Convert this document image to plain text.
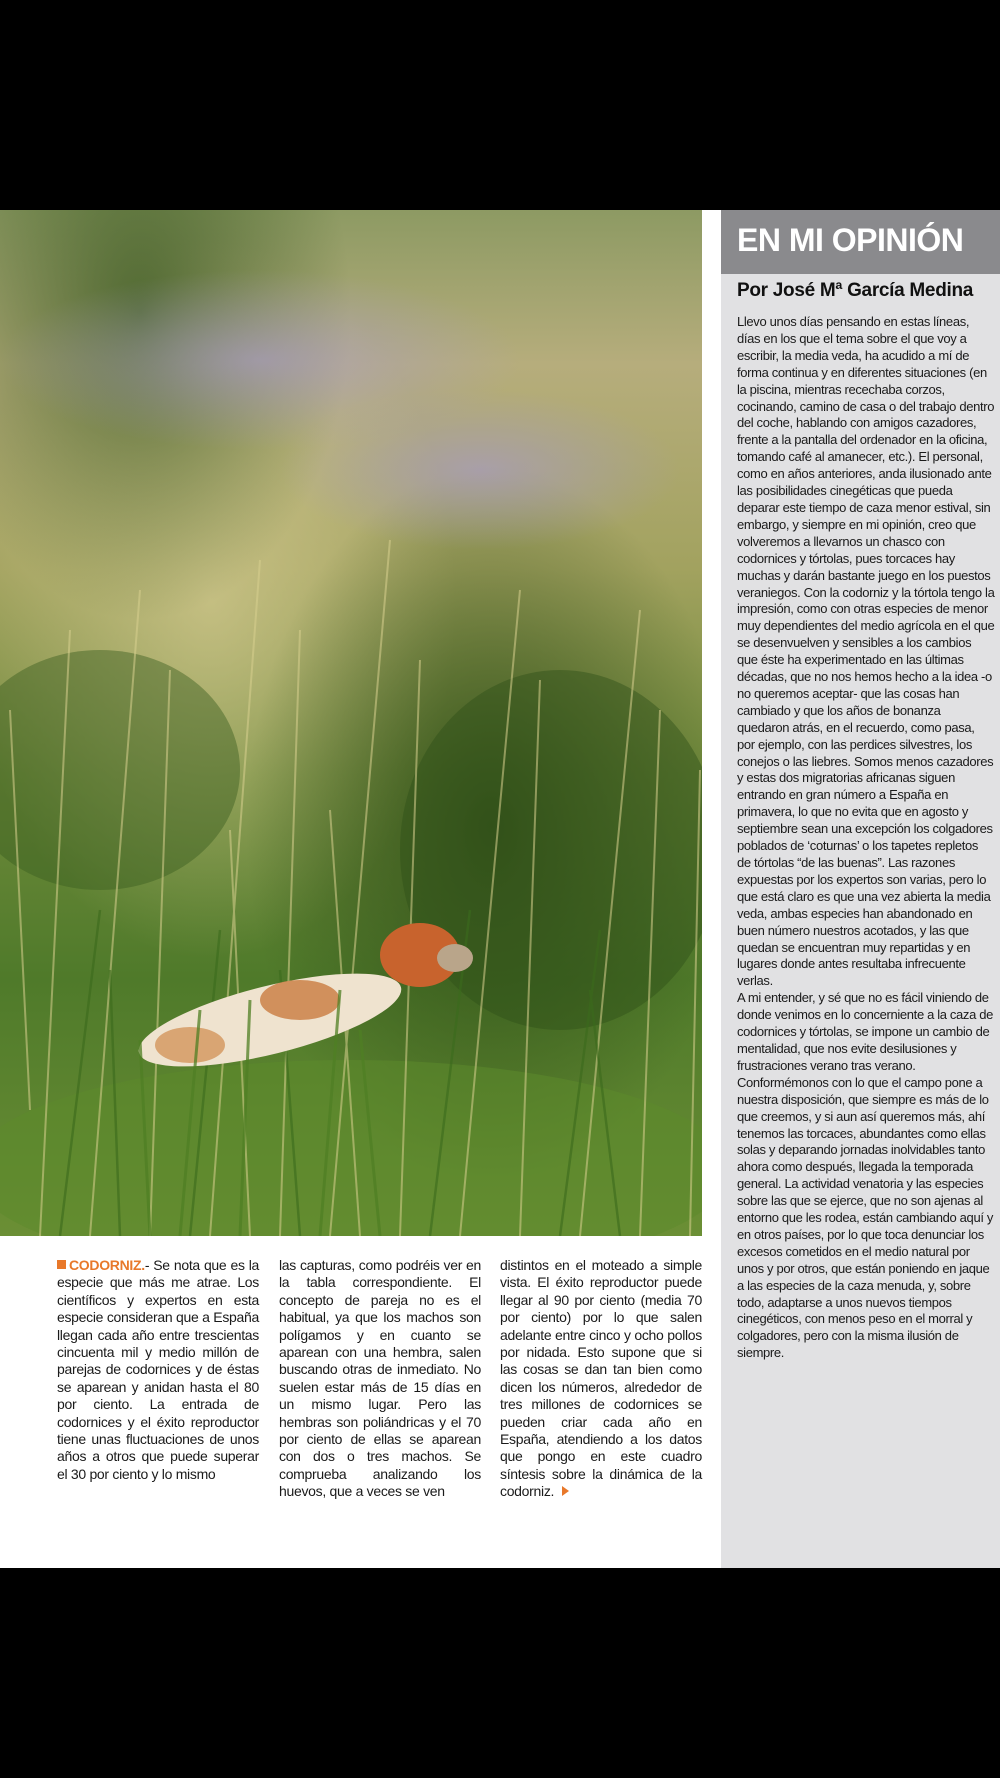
EN MI OPINIÓN
Por José Mª García Medina

Llevo unos días pensando en estas líneas, días en los que el tema sobre el que voy a escribir, la media veda, ha acudido a mí de forma continua y en diferentes situaciones (en la piscina, mientras recechaba corzos, cocinando, camino de casa o del trabajo dentro del coche, hablando con amigos cazadores, frente a la pantalla del ordenador en la oficina, tomando café al amanecer, etc.). El personal, como en años anteriores, anda ilusionado ante las posibilidades cinegéticas que pueda deparar este tiempo de caza menor estival, sin embargo, y siempre en mi opinión, creo que volveremos a llevarnos un chasco con codornices y tórtolas, pues torcaces hay muchas y darán bastante juego en los puestos veraniegos. Con la codorniz y la tórtola tengo la impresión, como con otras especies de menor muy dependientes del medio agrícola en el que se desenvuelven y sensibles a los cambios que éste ha experimentado en las últimas décadas, que no nos hemos hecho a la idea -o no queremos aceptar- que las cosas han cambiado y que los años de bonanza quedaron atrás, en el recuerdo, como pasa, por ejemplo, con las perdices silvestres, los conejos o las liebres. Somos menos cazadores y estas dos migratorias africanas siguen entrando en gran número a España en primavera, lo que no evita que en agosto y septiembre sean una excepción los colgadores poblados de ‘coturnas’ o los tapetes repletos de tórtolas “de las buenas”. Las razones expuestas por los expertos son varias, pero lo que está claro es que una vez abierta la media veda, ambas especies han abandonado en buen número nuestros acotados, y las que quedan se encuentran muy repartidas y en lugares donde antes resultaba infrecuente verlas.

A mi entender, y sé que no es fácil viniendo de donde venimos en lo concerniente a la caza de codornices y tórtolas, se impone un cambio de mentalidad, que nos evite desilusiones y frustraciones verano tras verano. Conformémonos con lo que el campo pone a nuestra disposición, que siempre es más de lo que creemos, y si aun así queremos más, ahí tenemos las torcaces, abundantes como ellas solas y deparando jornadas inolvidables tanto ahora como después, llegada la temporada general. La actividad venatoria y las especies sobre las que se ejerce, que no son ajenas al entorno que les rodea, están cambiando aquí y en otros países, por lo que toca denunciar los excesos cometidos en el medio natural por unos y por otros, que están poniendo en jaque a las especies de la caza menuda, y, sobre todo, adaptarse a unos nuevos tiempos cinegéticos, con menos peso en el morral y colgadores, pero con la misma ilusión de siempre.

CODORNIZ.- Se nota que es la especie que más me atrae. Los científicos y expertos en esta especie consideran que a España llegan cada año entre trescientas cincuenta mil y medio millón de parejas de codornices y de éstas se aparean y anidan hasta el 80 por ciento. La entrada de codornices y el éxito reproductor tiene unas fluctuaciones de unos años a otros que puede superar el 30 por ciento y lo mismo
las capturas, como podréis ver en la tabla correspondiente. El concepto de pareja no es el habitual, ya que los machos son polígamos y en cuanto se aparean con una hembra, salen buscando otras de inmediato. No suelen estar más de 15 días en un mismo lugar. Pero las hembras son poliándricas y el 70 por ciento de ellas se aparean con dos o tres machos. Se comprueba analizando los huevos, que a veces se ven
distintos en el moteado a simple vista. El éxito reproductor puede llegar al 90 por ciento (media 70 por ciento) por lo que salen adelante entre cinco y ocho pollos por nidada. Esto supone que si las cosas se dan tan bien como dicen los números, alrededor de tres millones de codornices se pueden criar cada año en España, atendiendo a los datos que pongo en este cuadro síntesis sobre la dinámica de la codorniz.
